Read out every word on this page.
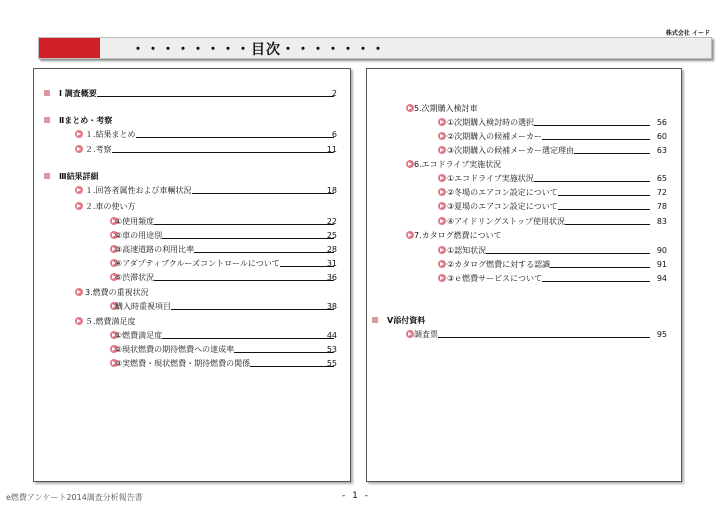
株式会社 イード
・・・・・・・・目次・・・・・・・
Ⅰ 調査概要	2
Ⅱまとめ・考察
１.結果まとめ	6
２.考察	11
Ⅲ結果詳細
１.回答者属性および車輌状況	18
２.車の使い方
①使用頻度	22
②車の用途別	25
③高速道路の利用比率	28
④アダプティブクルーズコントロールについて	31
⑤渋滞状況	36
3.燃費の重視状況
購入時重視項目	38
５.燃費満足度
①燃費満足度	44
②現状燃費の期待燃費への達成率	53
③実燃費・現状燃費・期待燃費の関係	55
5.次期購入検討車
①次期購入検討時の選択	56
②次期購入の候補メーカー	60
③次期購入の候補メーカー選定理由	63
6.エコドライブ実施状況
①エコドライブ実施状況	65
②冬場のエアコン設定について	72
③夏場のエアコン設定について	78
④アイドリングストップ使用状況	83
7.カタログ燃費について
①認知状況	90
②カタログ燃費に対する認識	91
③ｅ燃費サービスについて	94
Ⅴ添付資料
調査票	95
e燃費アンケート2014調査分析報告書	- 1 -
